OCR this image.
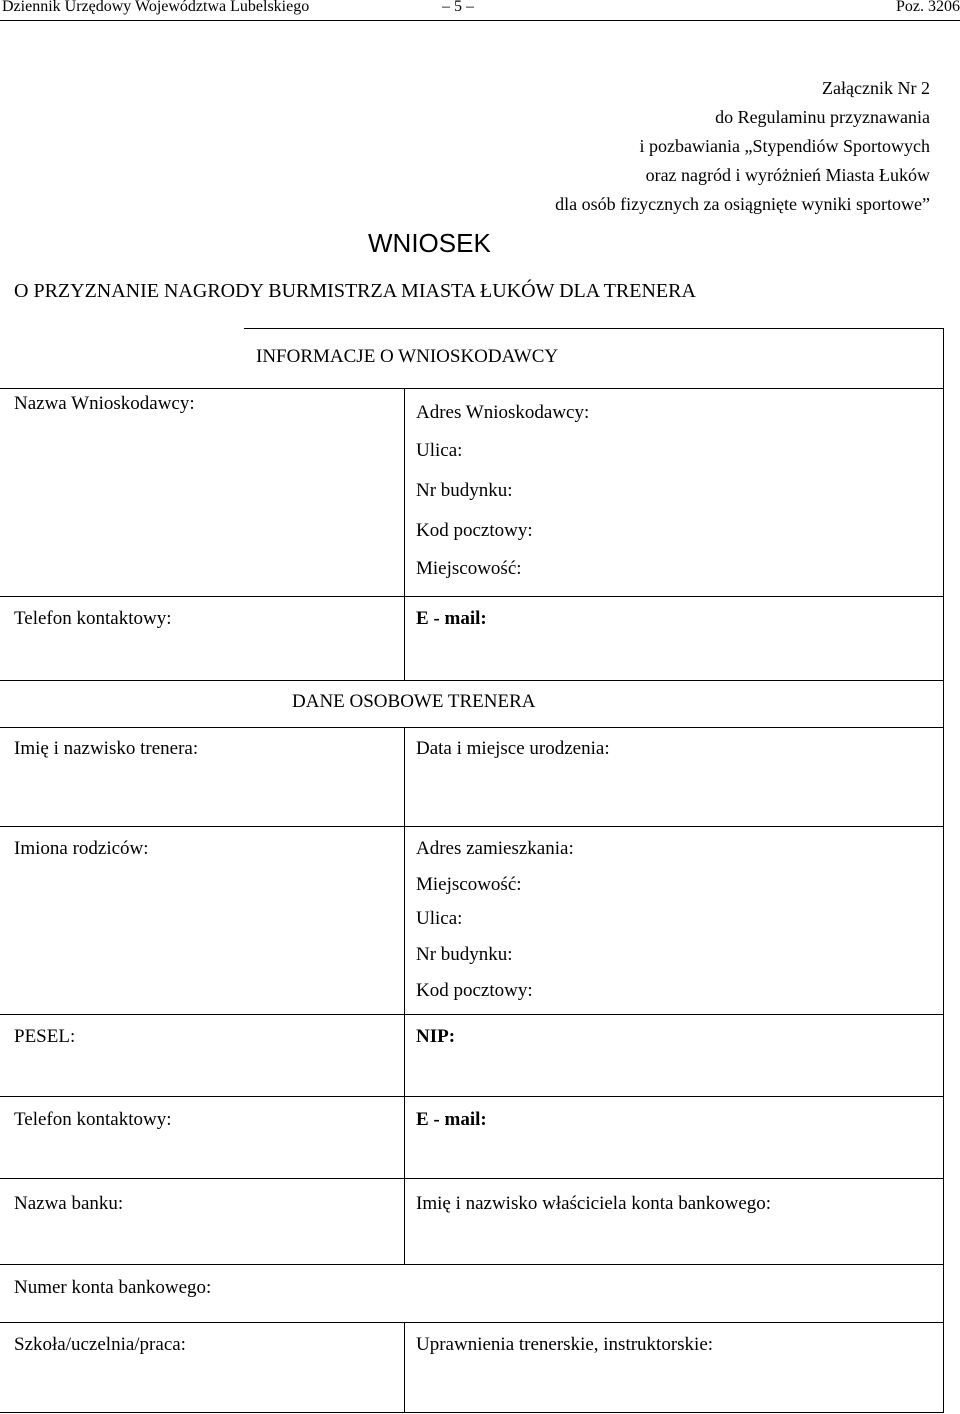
Dziennik Urzędowy Województwa Lubelskiego	– 5 –	Poz. 3206
Załącznik Nr 2
do Regulaminu przyznawania
i pozbawiania „Stypendiów Sportowych
oraz nagród i wyróżnień Miasta Łuków
dla osób fizycznych za osiągnięte wyniki sportowe”
WNIOSEK
O PRZYZNANIE NAGRODY BURMISTRZA MIASTA ŁUKÓW DLA TRENERA
INFORMACJE O WNIOSKODAWCY
Nazwa Wnioskodawcy:	Adres Wnioskodawcy:
Ulica:
Nr budynku:
Kod pocztowy:
Miejscowość:
Telefon kontaktowy:	E - mail:
DANE OSOBOWE TRENERA
Imię i nazwisko trenera:	Data i miejsce urodzenia:
Imiona rodziców:	Adres zamieszkania:
Miejscowość:
Ulica:
Nr budynku:
Kod pocztowy:
PESEL:	NIP:
Telefon kontaktowy:	E - mail:
Nazwa banku:	Imię i nazwisko właściciela konta bankowego:
Numer konta bankowego:
Szkoła/uczelnia/praca:	Uprawnienia trenerskie, instruktorskie:
